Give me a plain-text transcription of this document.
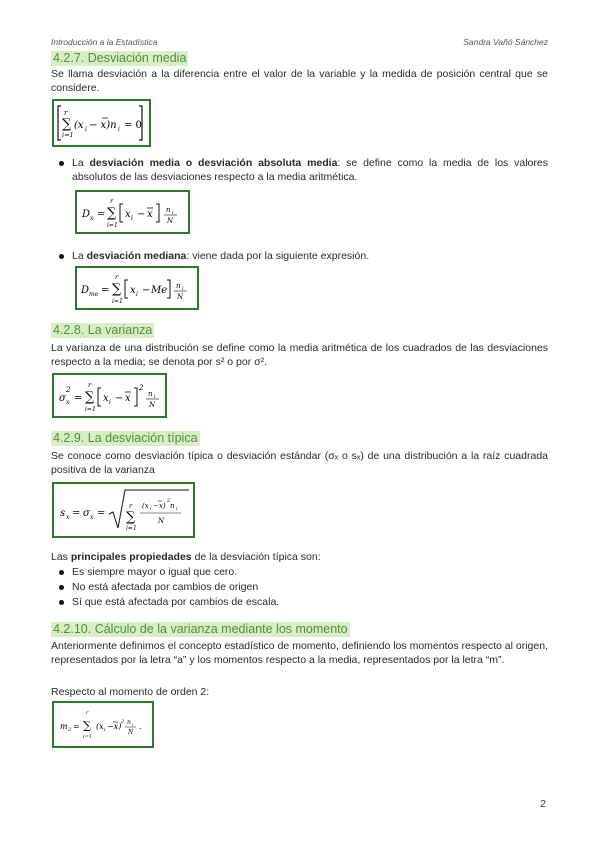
Introducción a la Estadística	Sandra Vañó Sánchez
4.2.7. Desviación media
Se llama desviación a la diferencia entre el valor de la variable y la medida de posición central que se considere.
r
∑
i=1
(x i − x)n i = 0
La desviación media o desviación absoluta media: se define como la media de los valores absolutos de las desviaciones respecto a la media aritmética.
D x =
r
∑
i=1
x i − x n i
N
La desviación mediana: viene dada por la siguiente expresión.
D me =
r
∑
i=1
x i − Me n i
N
4.2.8. La varianza
La varianza de una distribución se define como la media aritmética de los cuadrados de las desviaciones respecto a la media; se denota por s² o por σ².
σ x
2
=
r
∑
i=1
x i − x
2
n i
N
4.2.9. La desviación típica
Se conoce como desviación típica o desviación estándar (σₓ o sₓ) de una distribución a la raíz cuadrada positiva de la varianza
s x = σ x =
r
∑
i=1
(x i −x)
2
n i
N
Las principales propiedades de la desviación típica son:
Es siempre mayor o igual que cero.
No está afectada por cambios de origen
Sí que está afectada por cambios de escala.
4.2.10. Cálculo de la varianza mediante los momento
Anteriormente definimos el concepto estadístico de momento, definiendo los momentos respecto al origen, representados por la letra “a” y los momentos respecto a la media, representados por la letra “m”.
Respecto al momento de orden 2:
m 2 =
r
∑
i=1
(x i −x) 2 n i
N
.
2
